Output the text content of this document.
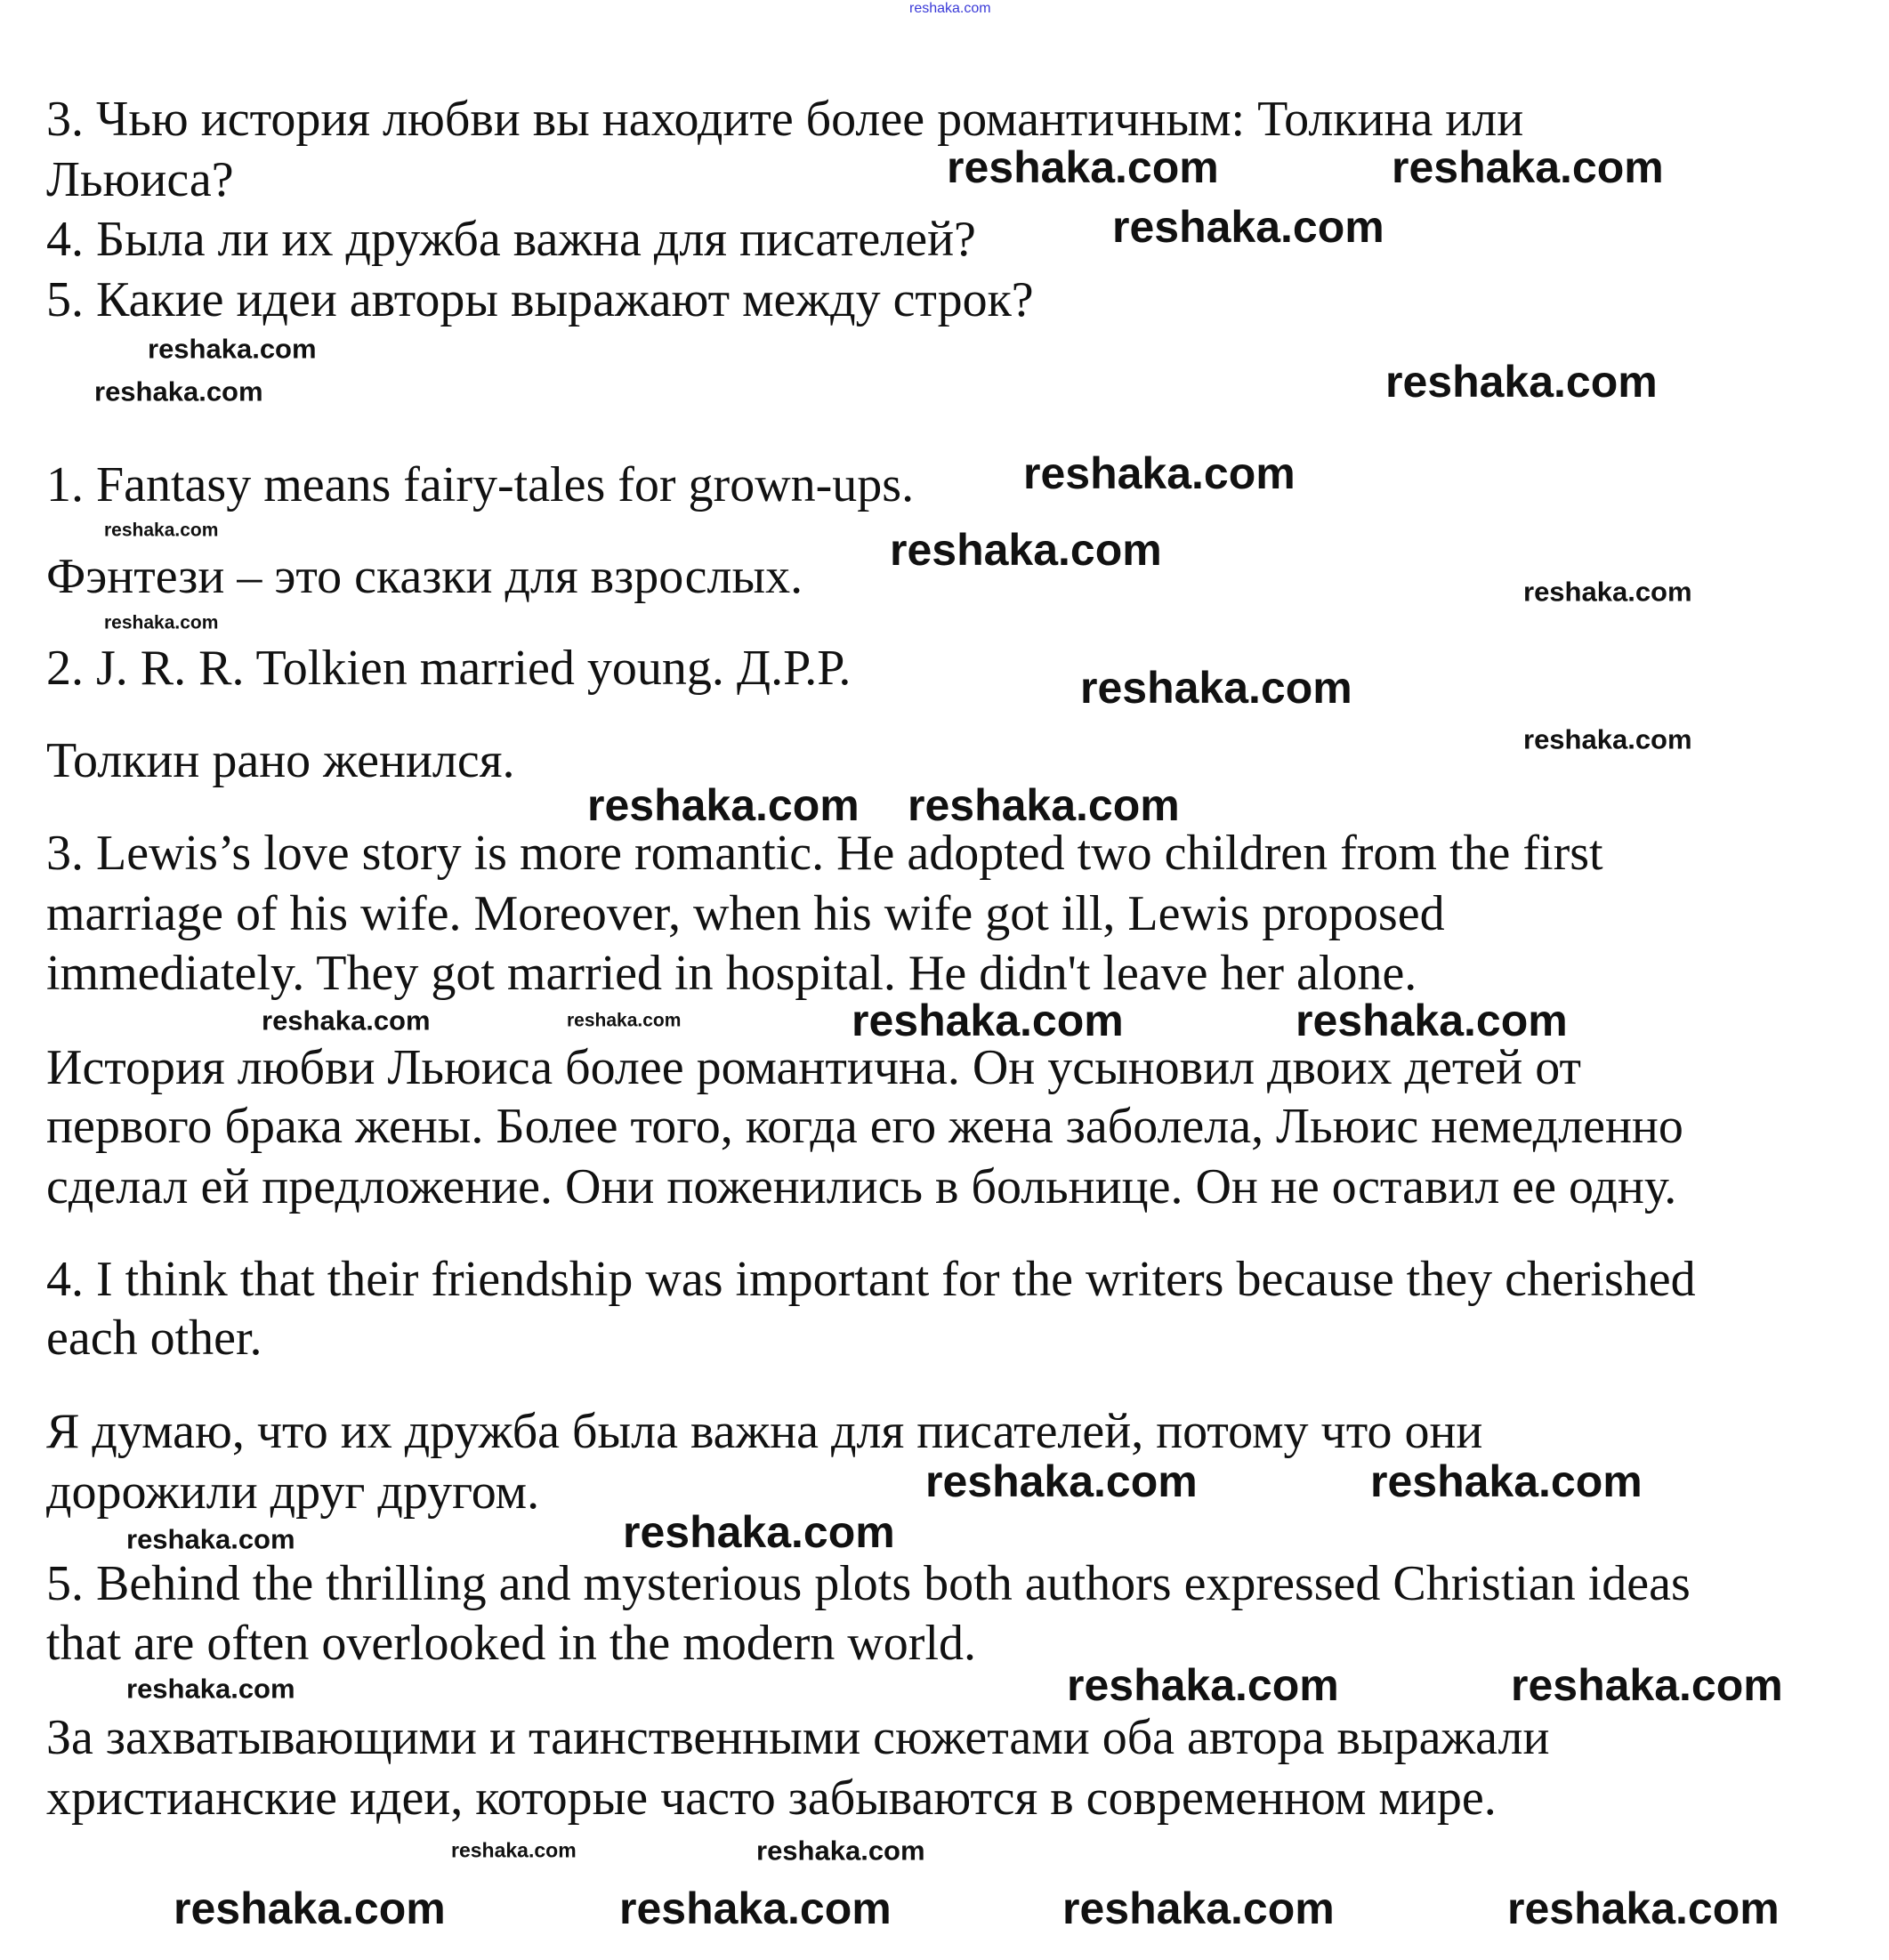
reshaka.com
3. Чью история любви вы находите более романтичным: Толкина или
Льюиса?
4. Была ли их дружба важна для писателей?
5. Какие идеи авторы выражают между строк?
1. Fantasy means fairy-tales for grown-ups.
Фэнтези – это сказки для взрослых.
2. J. R. R. Tolkien married young. Д.Р.Р.
Толкин рано женился.
3. Lewis’s love story is more romantic. He adopted two children from the first
marriage of his wife. Moreover, when his wife got ill, Lewis proposed
immediately. They got married in hospital. He didn't leave her alone.
История любви Льюиса более романтична. Он усыновил двоих детей от
первого брака жены. Более того, когда его жена заболела, Льюис немедленно
сделал ей предложение. Они поженились в больнице. Он не оставил ее одну.
4. I think that their friendship was important for the writers because they cherished
each other.
Я думаю, что их дружба была важна для писателей, потому что они
дорожили друг другом.
5. Behind the thrilling and mysterious plots both authors expressed Christian ideas
that are often overlooked in the modern world.
За захватывающими и таинственными сюжетами оба автора выражали
христианские идеи, которые часто забываются в современном мире.
reshaka.com
reshaka.com	reshaka.com
reshaka.com
reshaka.com
reshaka.com
reshaka.com
reshaka.com	reshaka.com
reshaka.com
reshaka.com
reshaka.com
reshaka.com
reshaka.com reshaka.com
reshaka.com	reshaka.com	reshaka.com	reshaka.com
reshaka.com	reshaka.com	reshaka.com	reshaka.com
reshaka.com	reshaka.com
reshaka.com	reshaka.com
reshaka.com	reshaka.com	reshaka.com
reshaka.com	reshaka.com
